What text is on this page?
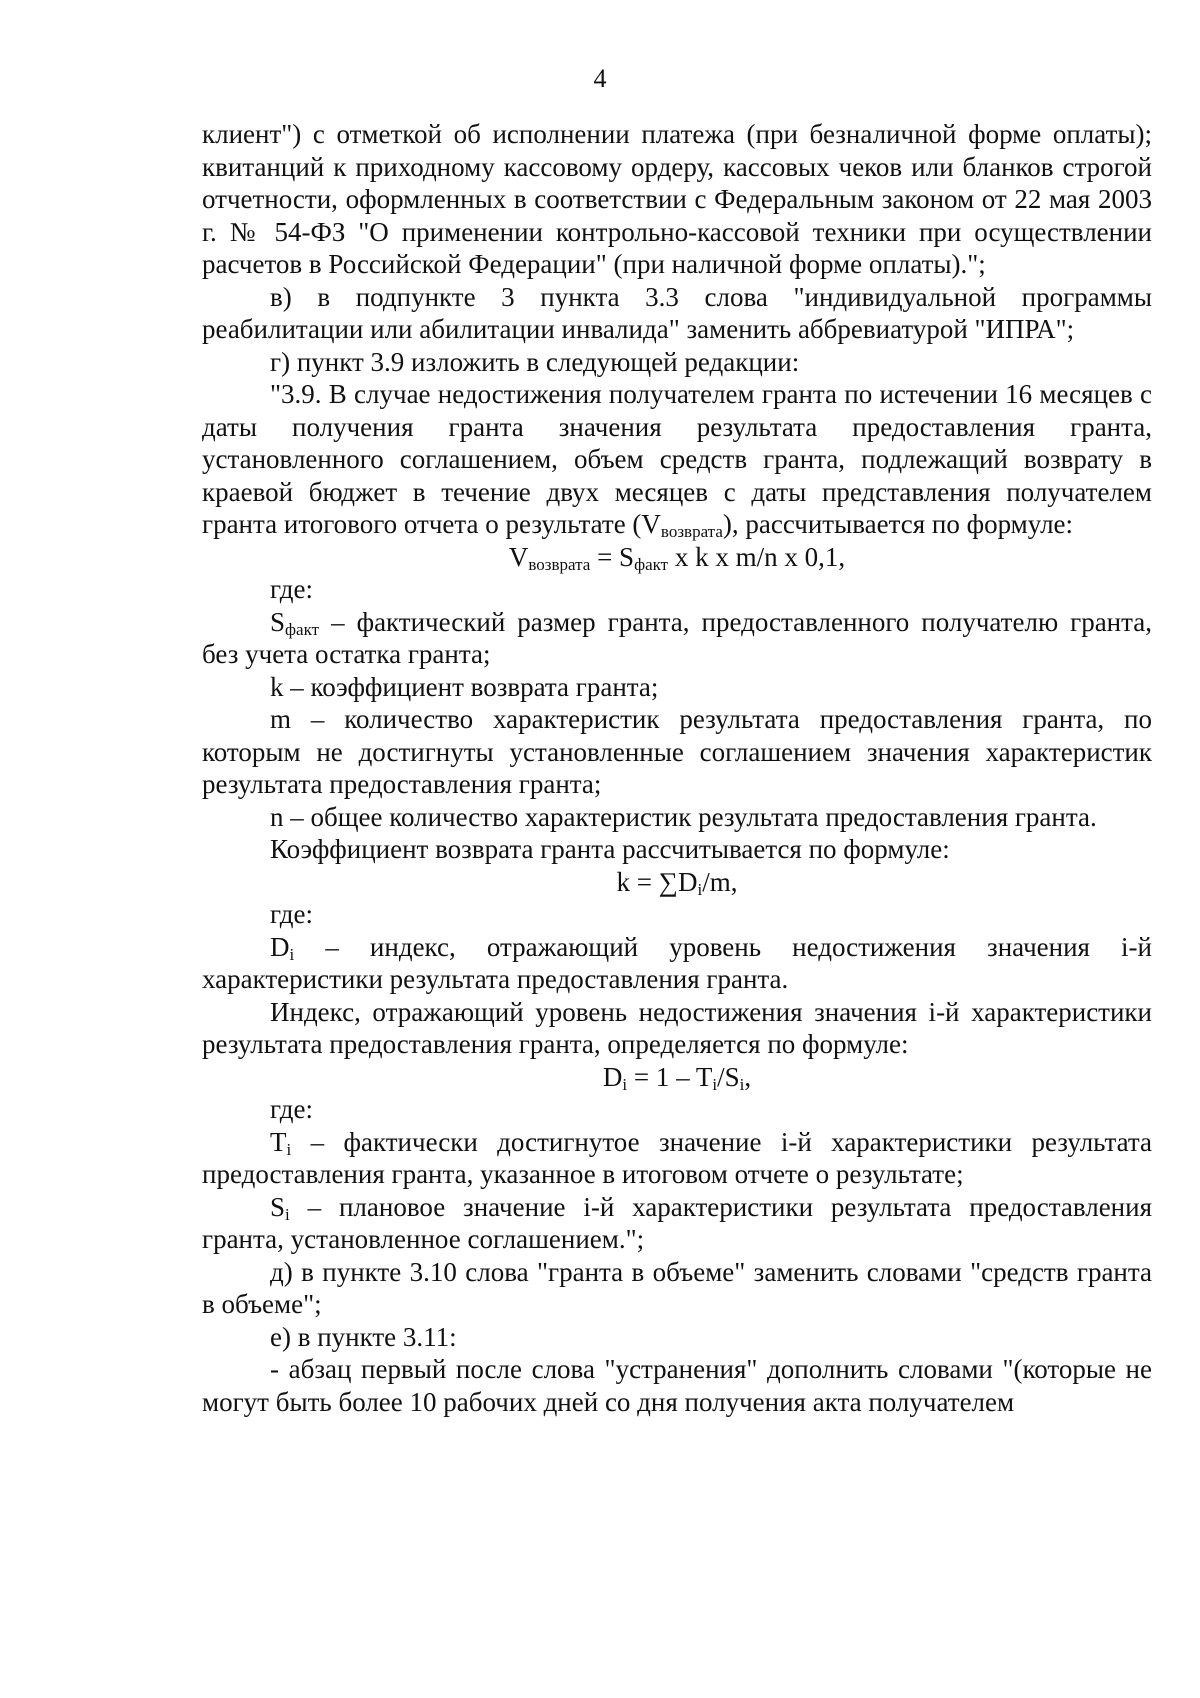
4

клиент") с отметкой об исполнении платежа (при безналичной форме оплаты); квитанций к приходному кассовому ордеру, кассовых чеков или бланков строгой отчетности, оформленных в соответствии с Федеральным законом от 22 мая 2003 г. № 54-ФЗ "О применении контрольно-кассовой техники при осуществлении расчетов в Российской Федерации" (при наличной форме оплаты).";

в) в подпункте 3 пункта 3.3 слова "индивидуальной программы реабилитации или абилитации инвалида" заменить аббревиатурой "ИПРА";

г) пункт 3.9 изложить в следующей редакции:

"3.9. В случае недостижения получателем гранта по истечении 16 месяцев с даты получения гранта значения результата предоставления гранта, установленного соглашением, объем средств гранта, подлежащий возврату в краевой бюджет в течение двух месяцев с даты представления получателем гранта итогового отчета о результате $(V_{возврата})$, рассчитывается по формуле:

$V_{возврата} = S_{факт}$ x k x m/n x 0,1,

где:

$S_{факт}$ – фактический размер гранта, предоставленного получателю гранта, без учета остатка гранта;

k – коэффициент возврата гранта;

m – количество характеристик результата предоставления гранта, по которым не достигнуты установленные соглашением значения характеристик результата предоставления гранта;

n – общее количество характеристик результата предоставления гранта.

Коэффициент возврата гранта рассчитывается по формуле:

$k = \sum D_i/m$,

где:

$D_i$ – индекс, отражающий уровень недостижения значения i-й характеристики результата предоставления гранта.

Индекс, отражающий уровень недостижения значения i-й характеристики результата предоставления гранта, определяется по формуле:

$D_i = 1 - T_i/S_i$,

где:

$T_i$ – фактически достигнутое значение i-й характеристики результата предоставления гранта, указанное в итоговом отчете о результате;

$S_i$ – плановое значение i-й характеристики результата предоставления гранта, установленное соглашением.";

д) в пункте 3.10 слова "гранта в объеме" заменить словами "средств гранта в объеме";

е) в пункте 3.11:

- абзац первый после слова "устранения" дополнить словами "(которые не могут быть более 10 рабочих дней со дня получения акта получателем
